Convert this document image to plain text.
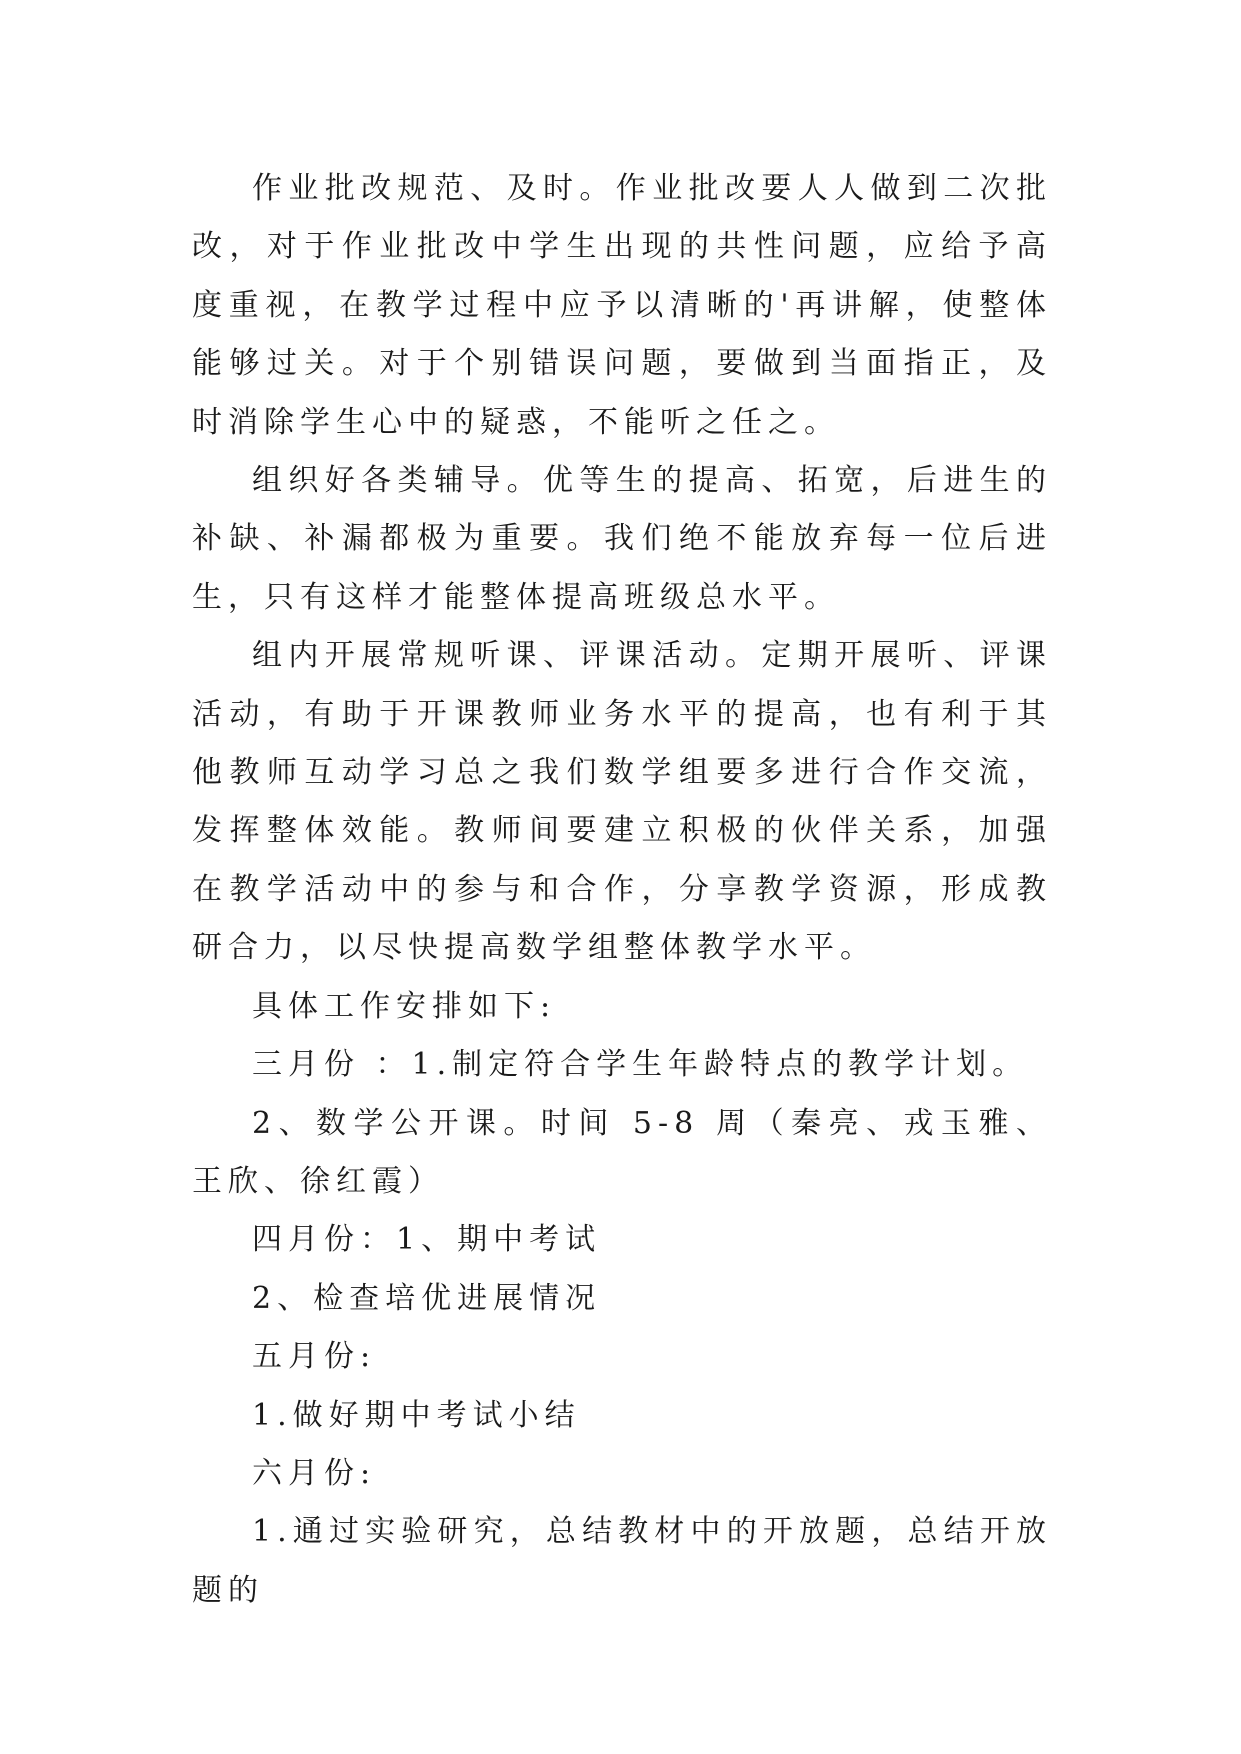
作业批改规范、及时。作业批改要人人做到二次批改，对于作业批改中学生出现的共性问题，应给予高度重视，在教学过程中应予以清晰的'再讲解，使整体能够过关。对于个别错误问题，要做到当面指正，及时消除学生心中的疑惑，不能听之任之。

组织好各类辅导。优等生的提高、拓宽，后进生的补缺、补漏都极为重要。我们绝不能放弃每一位后进生，只有这样才能整体提高班级总水平。

组内开展常规听课、评课活动。定期开展听、评课活动，有助于开课教师业务水平的提高，也有利于其他教师互动学习总之我们数学组要多进行合作交流，发挥整体效能。教师间要建立积极的伙伴关系，加强在教学活动中的参与和合作，分享教学资源，形成教研合力，以尽快提高数学组整体教学水平。

具体工作安排如下:

三月份 ：1.制定符合学生年龄特点的教学计划。

2、数学公开课。时间 5-8 周（秦亮、戎玉雅、王欣、徐红霞）

四月份：1、期中考试

2、检查培优进展情况

五月份:

1.做好期中考试小结

六月份:

1.通过实验研究，总结教材中的开放题，总结开放题的
